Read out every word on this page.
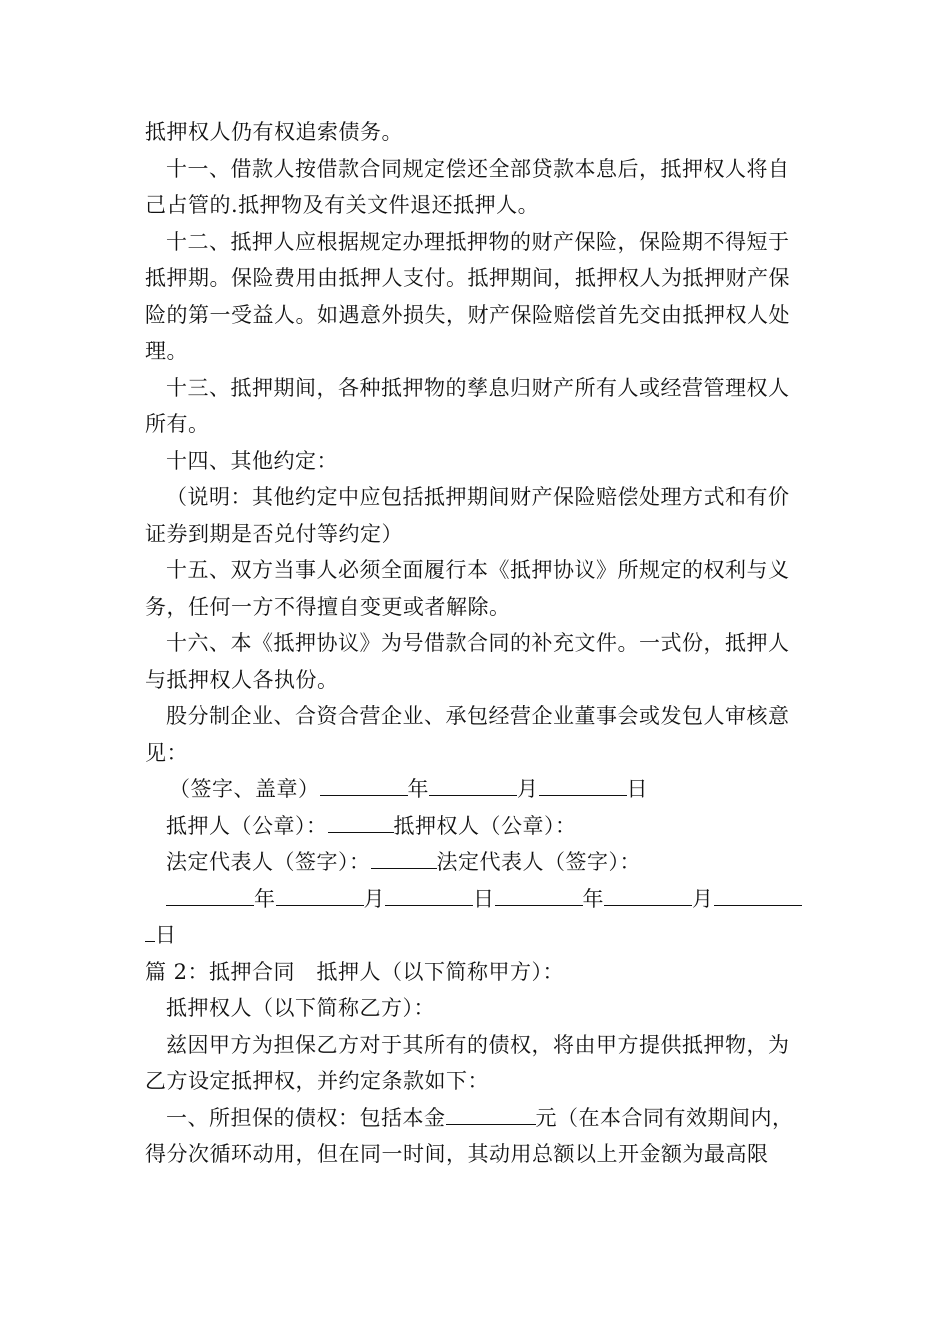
抵押权人仍有权追索债务。

十一、借款人按借款合同规定偿还全部贷款本息后，抵押权人将自己占管的.抵押物及有关文件退还抵押人。

十二、抵押人应根据规定办理抵押物的财产保险，保险期不得短于抵押期。保险费用由抵押人支付。抵押期间，抵押权人为抵押财产保险的第一受益人。如遇意外损失，财产保险赔偿首先交由抵押权人处理。

十三、抵押期间，各种抵押物的孳息归财产所有人或经营管理权人所有。

十四、其他约定：

（说明：其他约定中应包括抵押期间财产保险赔偿处理方式和有价证券到期是否兑付等约定）

十五、双方当事人必须全面履行本《抵押协议》所规定的权利与义务，任何一方不得擅自变更或者解除。

十六、本《抵押协议》为号借款合同的补充文件。一式份，抵押人与抵押权人各执份。

股分制企业、合资合营企业、承包经营企业董事会或发包人审核意见：

（签字、盖章）	年	月	日

抵押人（公章）：	抵押权人（公章）：

法定代表人（签字）：	法定代表人（签字）：

年	月	日	年	月日

篇 2：抵押合同　抵押人（以下简称甲方）：

抵押权人（以下简称乙方）：

兹因甲方为担保乙方对于其所有的债权，将由甲方提供抵押物，为乙方设定抵押权，并约定条款如下：

一、所担保的债权：包括本金	元（在本合同有效期间内，得分次循环动用，但在同一时间，其动用总额以上开金额为最高限
